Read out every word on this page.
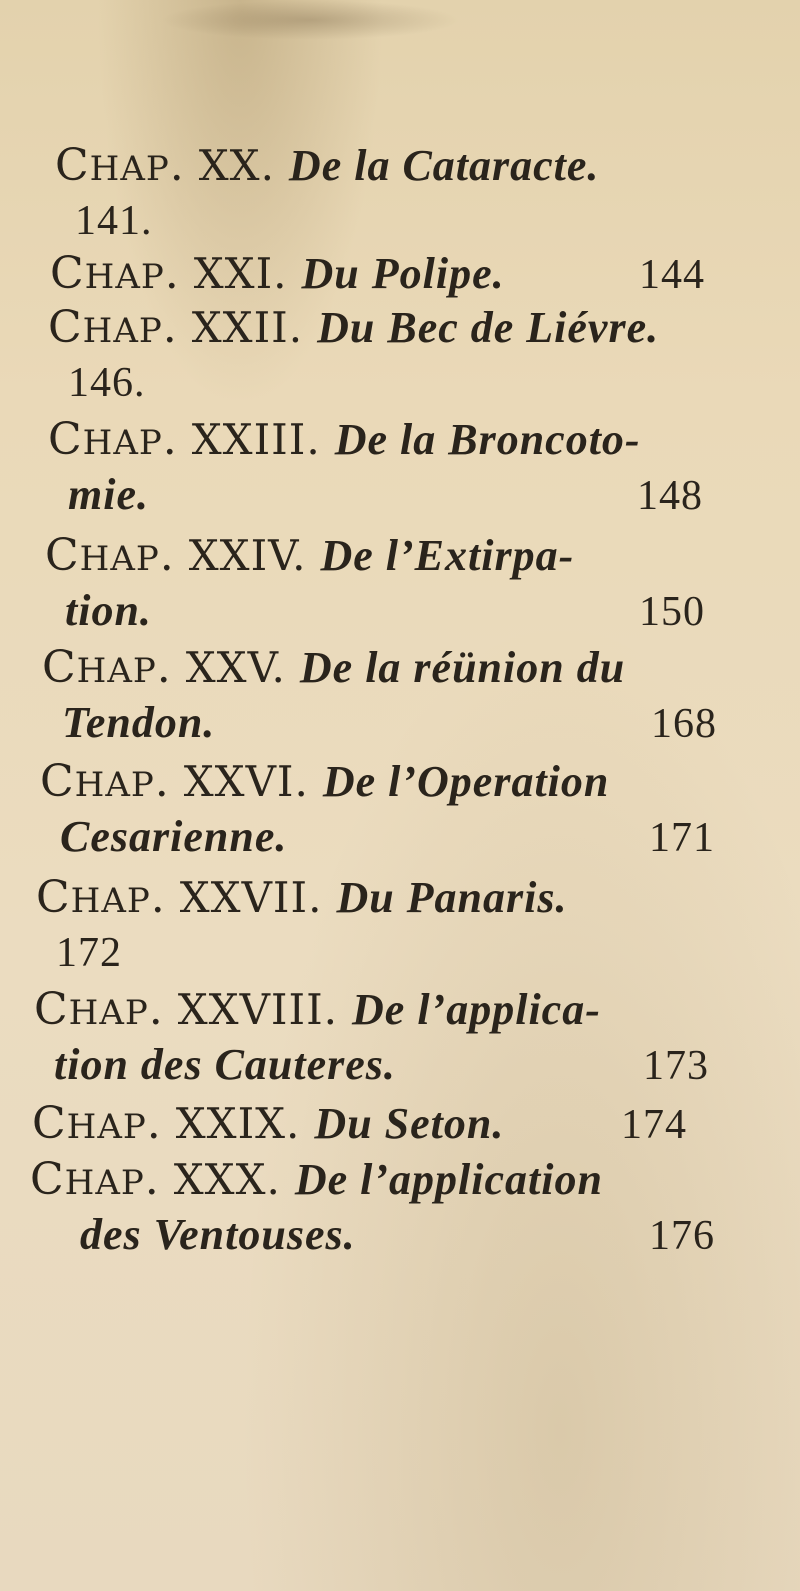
CHAP. XX. De la Cataracte.
141.
CHAP. XXI. Du Polipe.	144
CHAP. XXII. Du Bec de Liévre.
146.
CHAP. XXIII. De la Broncoto-
mie.	148
CHAP. XXIV. De l’Extirpa-
tion.	150
CHAP. XXV. De la réünion du
Tendon.	168
CHAP. XXVI. De l’Operation
Cesarienne.	171
CHAP. XXVII. Du Panaris.
172
CHAP. XXVIII. De l’applica-
tion des Cauteres.	173
CHAP. XXIX. Du Seton.	174
CHAP. XXX. De l’application
des Ventouses.	176
